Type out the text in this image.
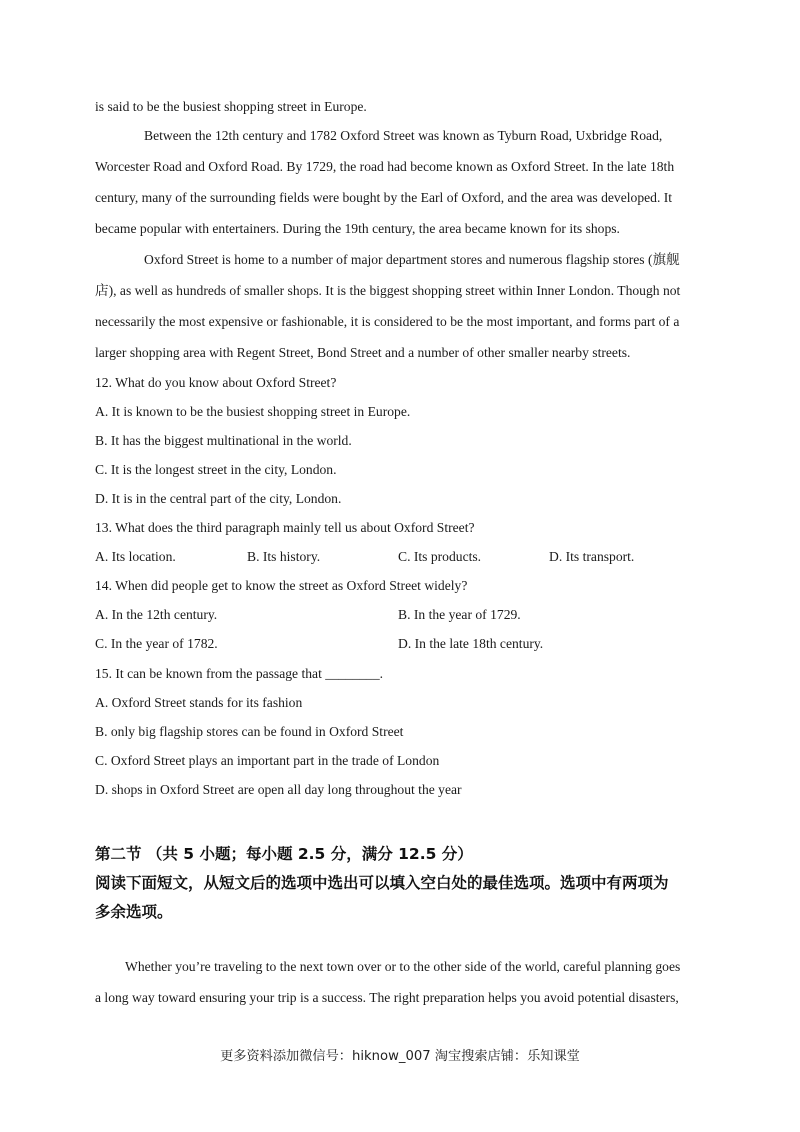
is said to be the busiest shopping street in Europe.
Between the 12th century and 1782 Oxford Street was known as Tyburn Road, Uxbridge Road,
Worcester Road and Oxford Road. By 1729, the road had become known as Oxford Street. In the late 18th
century, many of the surrounding fields were bought by the Earl of Oxford, and the area was developed. It
became popular with entertainers. During the 19th century, the area became known for its shops.
Oxford Street is home to a number of major department stores and numerous flagship stores (旗舰
店), as well as hundreds of smaller shops. It is the biggest shopping street within Inner London. Though not
necessarily the most expensive or fashionable, it is considered to be the most important, and forms part of a
larger shopping area with Regent Street, Bond Street and a number of other smaller nearby streets.
12. What do you know about Oxford Street?
A. It is known to be the busiest shopping street in Europe.
B. It has the biggest multinational in the world.
C. It is the longest street in the city, London.
D. It is in the central part of the city, London.
13. What does the third paragraph mainly tell us about Oxford Street?
A. Its location.	B. Its history.	C. Its products.	D. Its transport.
14. When did people get to know the street as Oxford Street widely?
A. In the 12th century.	B. In the year of 1729.
C. In the year of 1782.	D. In the late 18th century.
15. It can be known from the passage that ________.
A. Oxford Street stands for its fashion
B. only big flagship stores can be found in Oxford Street
C. Oxford Street plays an important part in the trade of London
D. shops in Oxford Street are open all day long throughout the year
第二节 （共 5 小题；每小题 2.5 分，满分 12.5 分）
阅读下面短文，从短文后的选项中选出可以填入空白处的最佳选项。选项中有两项为
多余选项。
Whether you’re traveling to the next town over or to the other side of the world, careful planning goes
a long way toward ensuring your trip is a success. The right preparation helps you avoid potential disasters,
更多资料添加微信号：hiknow_007 淘宝搜索店铺：乐知课堂
